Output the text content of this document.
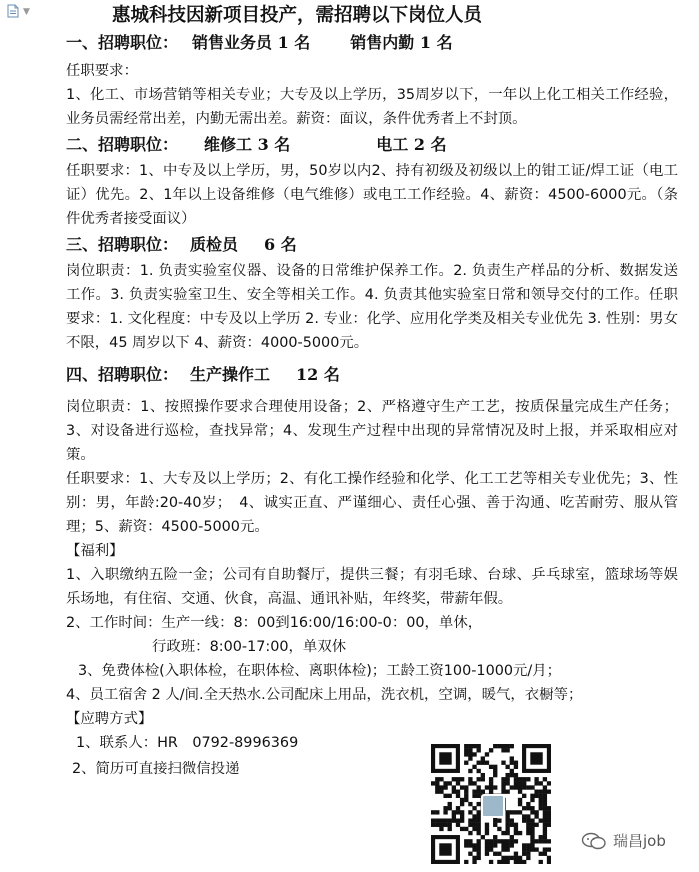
▼	惠城科技因新项目投产，需招聘以下岗位人员
一、招聘职位： 销售业务员 1 名	销售内勤 1 名

任职要求：

1、化工、市场营销等相关专业；大专及以上学历，35周岁以下，一年以上化工相关工作经验，业务员需经常出差，内勤无需出差。薪资：面议，条件优秀者上不封顶。

二、招聘职位： 维修工 3 名	电工 2 名

任职要求：1、中专及以上学历，男，50岁以内2、持有初级及初级以上的钳工证/焊工证（电工证）优先。2、1年以上设备维修（电气维修）或电工工作经验。4、薪资：4500-6000元。（条件优秀者接受面议）

三、招聘职位： 质检员 6 名

岗位职责：1. 负责实验室仪器、设备的日常维护保养工作。2. 负责生产样品的分析、数据发送工作。3. 负责实验室卫生、安全等相关工作。4. 负责其他实验室日常和领导交付的工作。任职要求：1. 文化程度：中专及以上学历 2. 专业：化学、应用化学类及相关专业优先 3. 性别：男女不限，45 周岁以下 4、薪资：4000-5000元。

四、招聘职位： 生产操作工 12 名

岗位职责：1、按照操作要求合理使用设备；2、严格遵守生产工艺，按质保量完成生产任务；3、对设备进行巡检，查找异常；4、发现生产过程中出现的异常情况及时上报，并采取相应对策。

任职要求：1、大专及以上学历；2、有化工操作经验和化学、化工工艺等相关专业优先；3、性别：男，年龄:20-40岁；　4、诚实正直、严谨细心、责任心强、善于沟通、吃苦耐劳、服从管理；5、薪资：4500-5000元。

【福利】

1、入职缴纳五险一金；公司有自助餐厅，提供三餐；有羽毛球、台球、乒乓球室，篮球场等娱乐场地，有住宿、交通、伙食，高温、通讯补贴，年终奖，带薪年假。

2、工作时间：生产一线：8：00到16:00/16:00-0：00，单休，

行政班：8:00-17:00，单双休

3、免费体检(入职体检，在职体检、离职体检)；工龄工资100-1000元/月；

4、员工宿舍 2 人/间.全天热水.公司配床上用品，洗衣机，空调，暖气，衣橱等；

【应聘方式】

1、联系人：HR　0792-8996369

2、简历可直接扫微信投递

瑞昌job
